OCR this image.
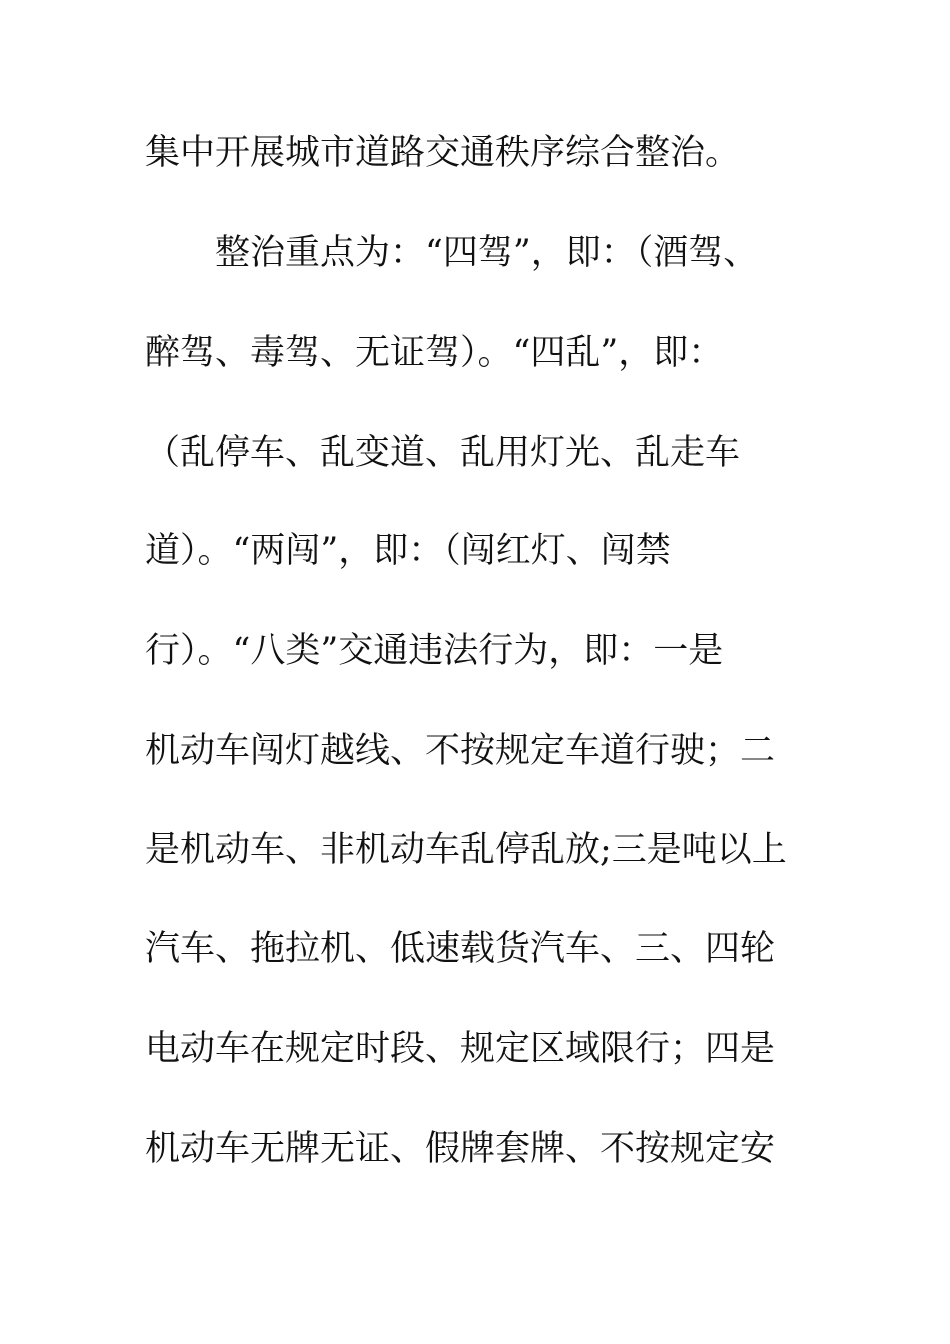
集中开展城市道路交通秩序综合整治。
整治重点为：“四驾”，即：（酒驾、
醉驾、毒驾、无证驾）。“四乱”，即：
（乱停车、乱变道、乱用灯光、乱走车
道）。“两闯”，即：（闯红灯、闯禁
行）。“八类”交通违法行为，即：一是
机动车闯灯越线、不按规定车道行驶；二
是机动车、非机动车乱停乱放;三是吨以上
汽车、拖拉机、低速载货汽车、三、四轮
电动车在规定时段、规定区域限行；四是
机动车无牌无证、假牌套牌、不按规定安
